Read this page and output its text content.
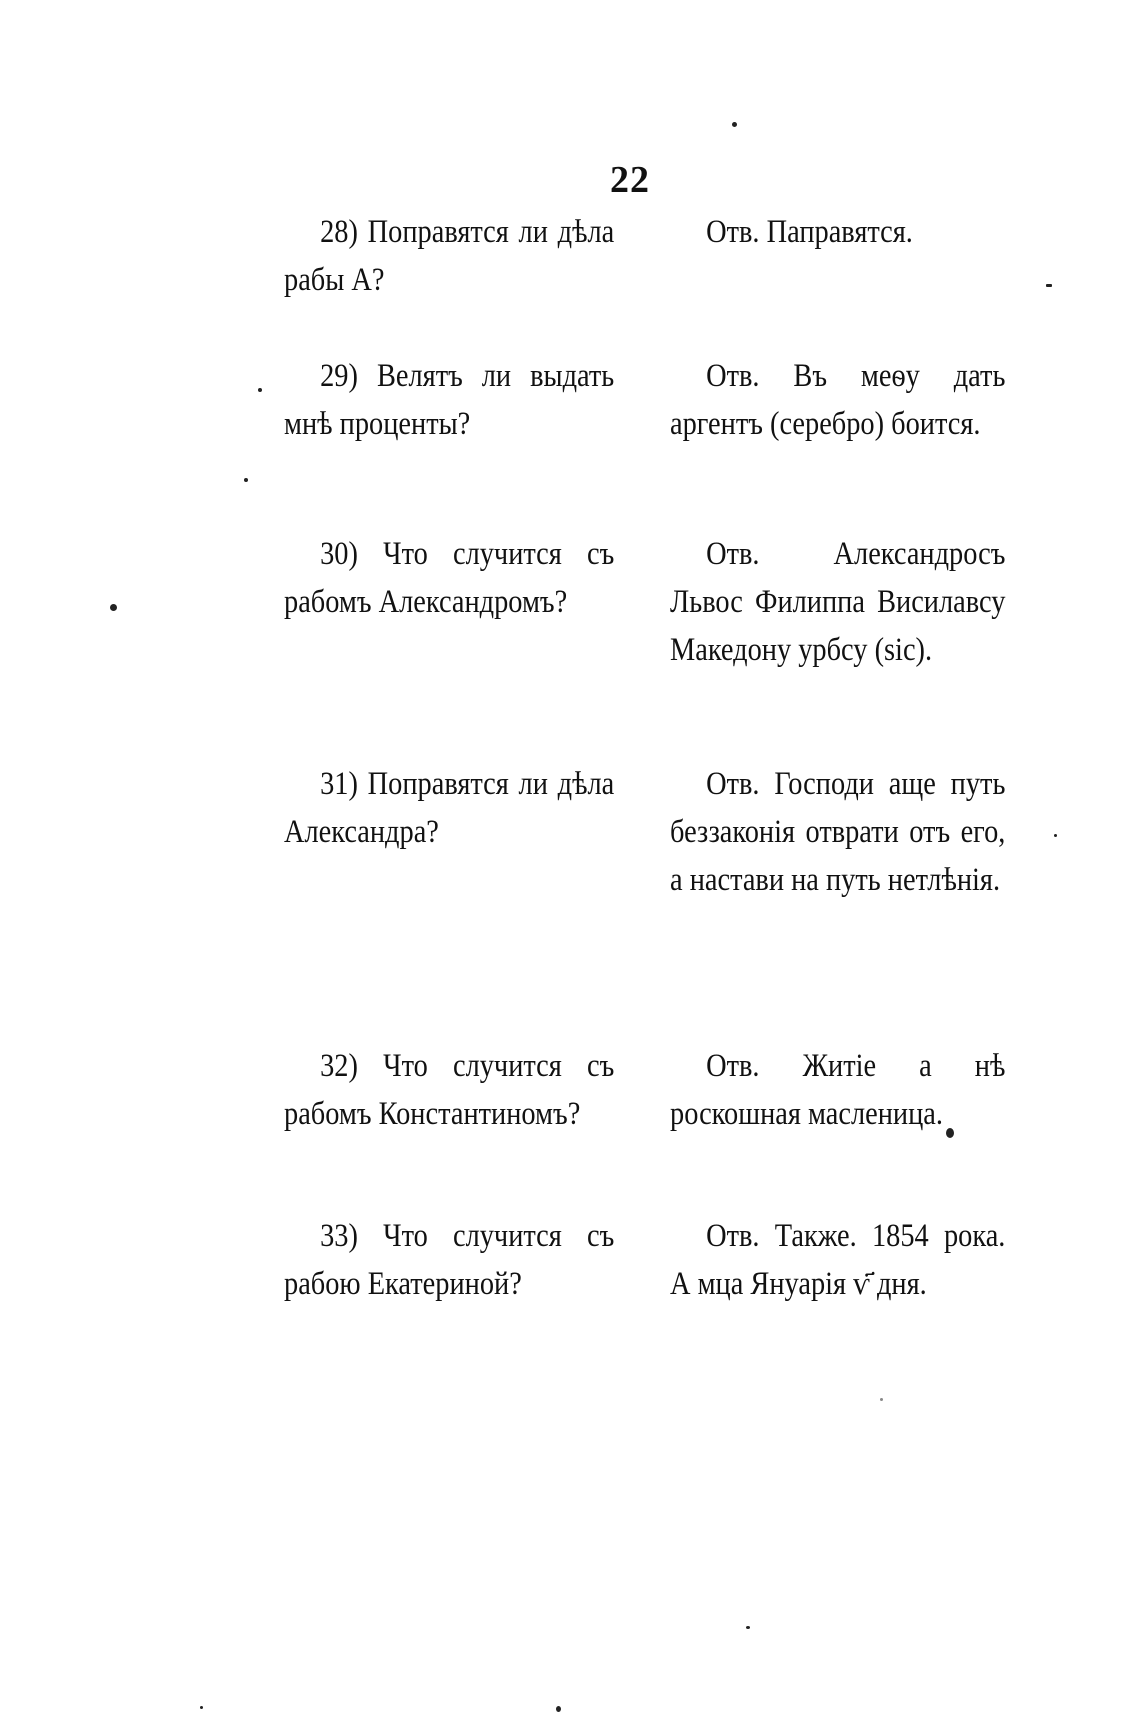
22
28) Поправятся ли дѣла рабы А?
Отв. Паправятся.
29) Велятъ ли выдать мнѣ проценты?
Отв. Въ меѳу дать аргентъ (серебро) боится.
30) Что случится съ рабомъ Александромъ?
Отв. Александросъ Львос Филиппа Висилавсу Македону урбсу (sic).
31) Поправятся ли дѣла Александра?
Отв. Господи аще путь беззаконія отврати отъ его, а настави на путь нетлѣнія.
32) Что случится съ рабомъ Константиномъ?
Отв. Житіе а нѣ роскошная масленица.
33) Что случится съ рабою Екатериной?
Отв. Также. 1854 рока. А мца Януарія ѵ҃ дня.
